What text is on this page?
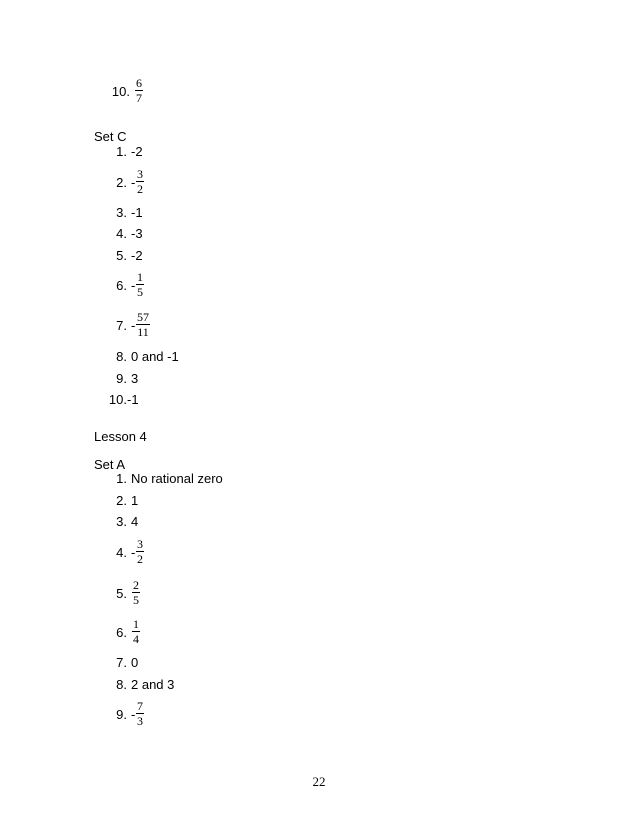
10.
6
7
Set C
1. -2
2. -
3
2
3. -1
4. -3
5. -2
6. -
1
5
7. -
57
11
8. 0 and -1
9. 3
10. -1
Lesson 4
Set A
1. No rational zero
2. 1
3. 4
4. -
3
2
5.
2
5
6.
1
4
7. 0
8. 2 and 3
9. -
7
3
22
